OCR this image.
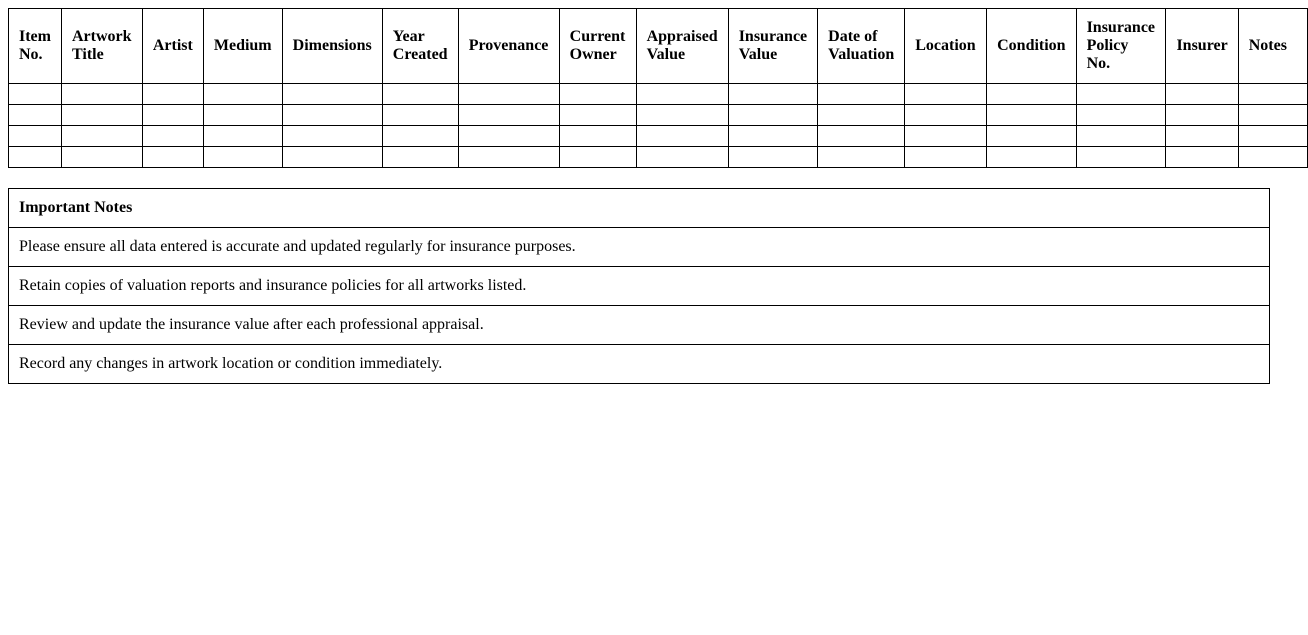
Item No.	Artwork Title	Artist	Medium	Dimensions	Year Created	Provenance	Current Owner	Appraised Value	Insurance Value	Date of Valuation	Location	Condition	Insurance Policy No.	Insurer	Notes

Important Notes
Please ensure all data entered is accurate and updated regularly for insurance purposes.
Retain copies of valuation reports and insurance policies for all artworks listed.
Review and update the insurance value after each professional appraisal.
Record any changes in artwork location or condition immediately.
